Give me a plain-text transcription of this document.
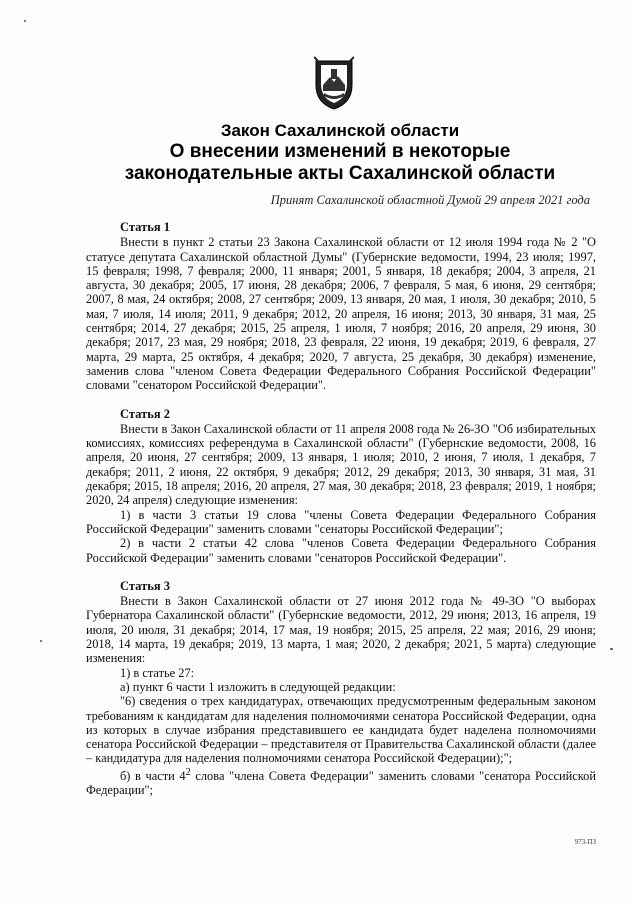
Закон Сахалинской области
О внесении изменений в некоторые
законодательные акты Сахалинской области
Принят Сахалинской областной Думой 29 апреля 2021 года
Статья 1

Внести в пункт 2 статьи 23 Закона Сахалинской области от 12 июля 1994 года № 2 "О статусе депутата Сахалинской областной Думы" (Губернские ведомости, 1994, 23 июля; 1997, 15 февраля; 1998, 7 февраля; 2000, 11 января; 2001, 5 января, 18 декабря; 2004, 3 апреля, 21 августа, 30 декабря; 2005, 17 июня, 28 декабря; 2006, 7 февраля, 5 мая, 6 июня, 29 сентября; 2007, 8 мая, 24 октября; 2008, 27 сентября; 2009, 13 января, 20 мая, 1 июля, 30 декабря; 2010, 5 мая, 7 июля, 14 июля; 2011, 9 декабря; 2012, 20 апреля, 16 июня; 2013, 30 января, 31 мая, 25 сентября; 2014, 27 декабря; 2015, 25 апреля, 1 июля, 7 ноября; 2016, 20 апреля, 29 июня, 30 декабря; 2017, 23 мая, 29 ноября; 2018, 23 февраля, 22 июня, 19 декабря; 2019, 6 февраля, 27 марта, 29 марта, 25 октября, 4 декабря; 2020, 7 августа, 25 декабря, 30 декабря) изменение, заменив слова "членом Совета Федерации Федерального Собрания Российской Федерации" словами "сенатором Российской Федерации".

Статья 2

Внести в Закон Сахалинской области от 11 апреля 2008 года № 26-ЗО "Об избирательных комиссиях, комиссиях референдума в Сахалинской области" (Губернские ведомости, 2008, 16 апреля, 20 июня, 27 сентября; 2009, 13 января, 1 июля; 2010, 2 июня, 7 июля, 1 декабря, 7 декабря; 2011, 2 июня, 22 октября, 9 декабря; 2012, 29 декабря; 2013, 30 января, 31 мая, 31 декабря; 2015, 18 апреля; 2016, 20 апреля, 27 мая, 30 декабря; 2018, 23 февраля; 2019, 1 ноября; 2020, 24 апреля) следующие изменения:

1) в части 3 статьи 19 слова "члены Совета Федерации Федерального Собрания Российской Федерации" заменить словами "сенаторы Российской Федерации";

2) в части 2 статьи 42 слова "членов Совета Федерации Федерального Собрания Российской Федерации" заменить словами "сенаторов Российской Федерации".

Статья 3

Внести в Закон Сахалинской области от 27 июня 2012 года № 49-ЗО "О выборах Губернатора Сахалинской области" (Губернские ведомости, 2012, 29 июня; 2013, 16 апреля, 19 июля, 20 июля, 31 декабря; 2014, 17 мая, 19 ноября; 2015, 25 апреля, 22 мая; 2016, 29 июня; 2018, 14 марта, 19 декабря; 2019, 13 марта, 1 мая; 2020, 2 декабря; 2021, 5 марта) следующие изменения:

1) в статье 27:

а) пункт 6 части 1 изложить в следующей редакции:

"6) сведения о трех кандидатурах, отвечающих предусмотренным федеральным законом требованиям к кандидатам для наделения полномочиями сенатора Российской Федерации, одна из которых в случае избрания представившего ее кандидата будет наделена полномочиями сенатора Российской Федерации – представителя от Правительства Сахалинской области (далее – кандидатура для наделения полномочиями сенатора Российской Федерации);";

б) в части $4^2$ слова "члена Совета Федерации" заменить словами "сенатора Российской Федерации";

973-ПЗ
